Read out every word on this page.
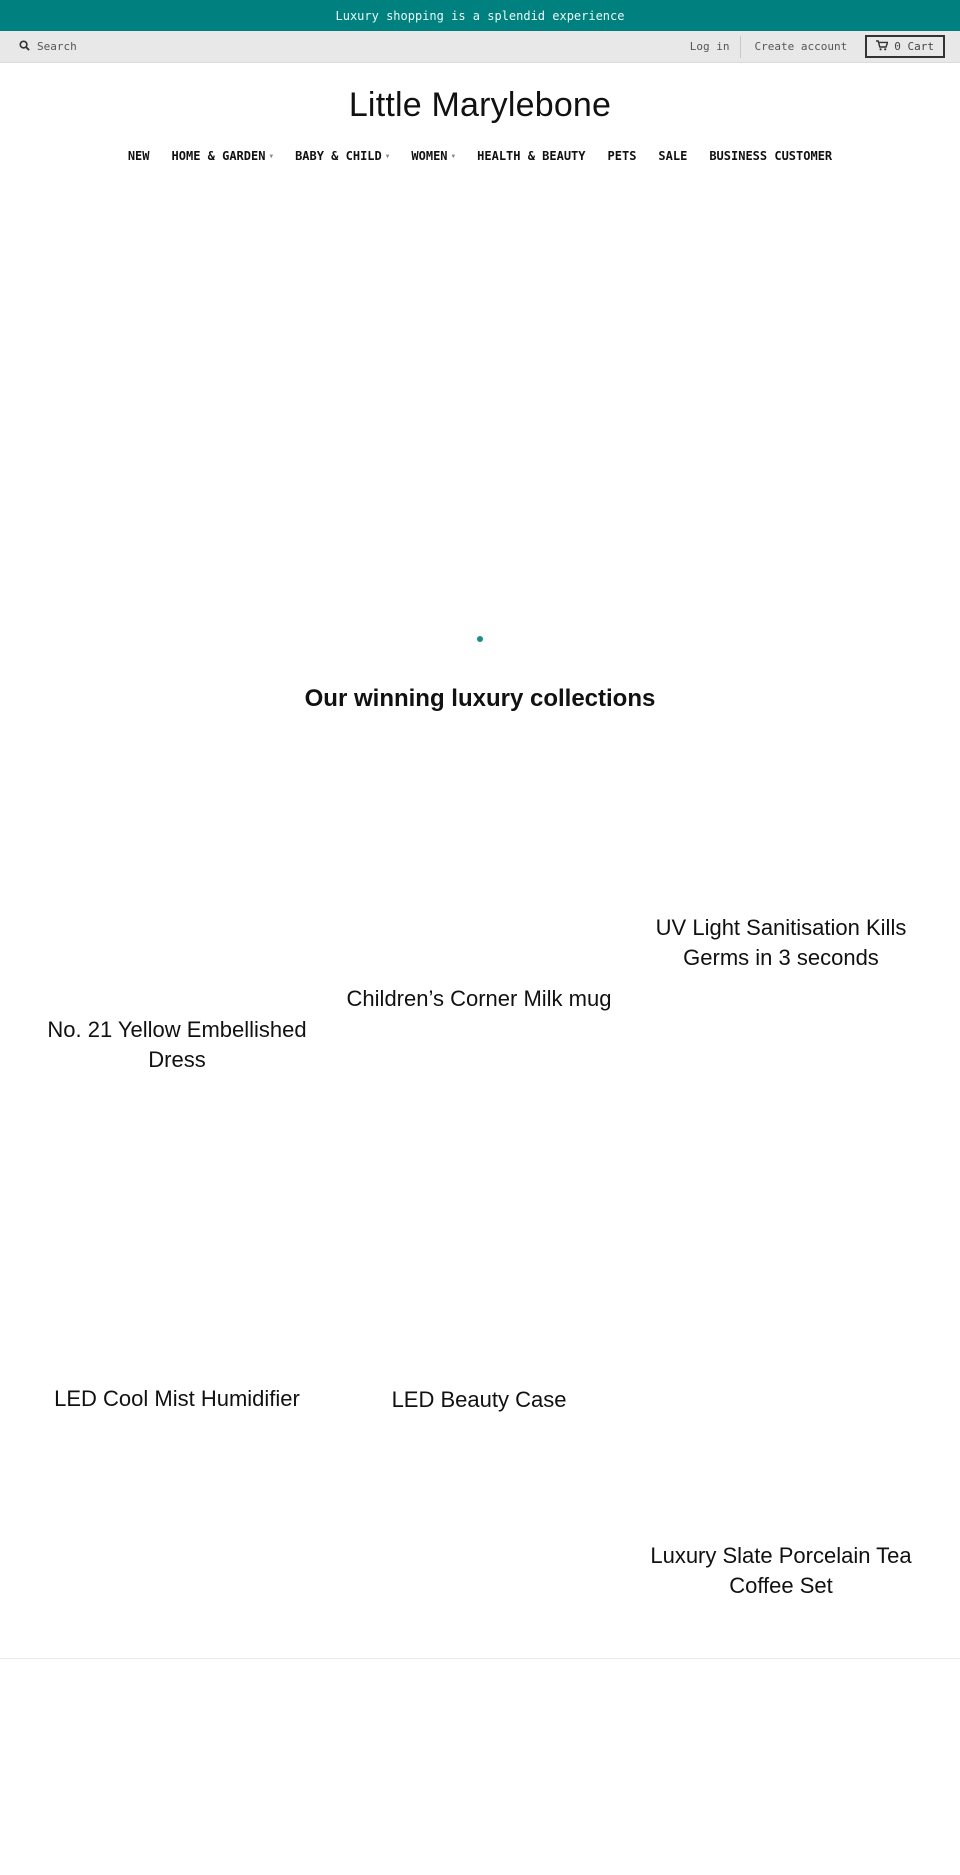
Luxury shopping is a splendid experience
Search	Log in	Create account	0 Cart
Little Marylebone
NEW HOME & GARDEN ▼ BABY & CHILD ▼ WOMEN ▼ HEALTH & BEAUTY PETS SALE BUSINESS CUSTOMER
Our winning luxury collections
No. 21 Yellow Embellished Dress
Children’s Corner Milk mug
UV Light Sanitisation Kills Germs in 3 seconds
LED Cool Mist Humidifier	LED Beauty Case
Luxury Slate Porcelain Tea Coffee Set
